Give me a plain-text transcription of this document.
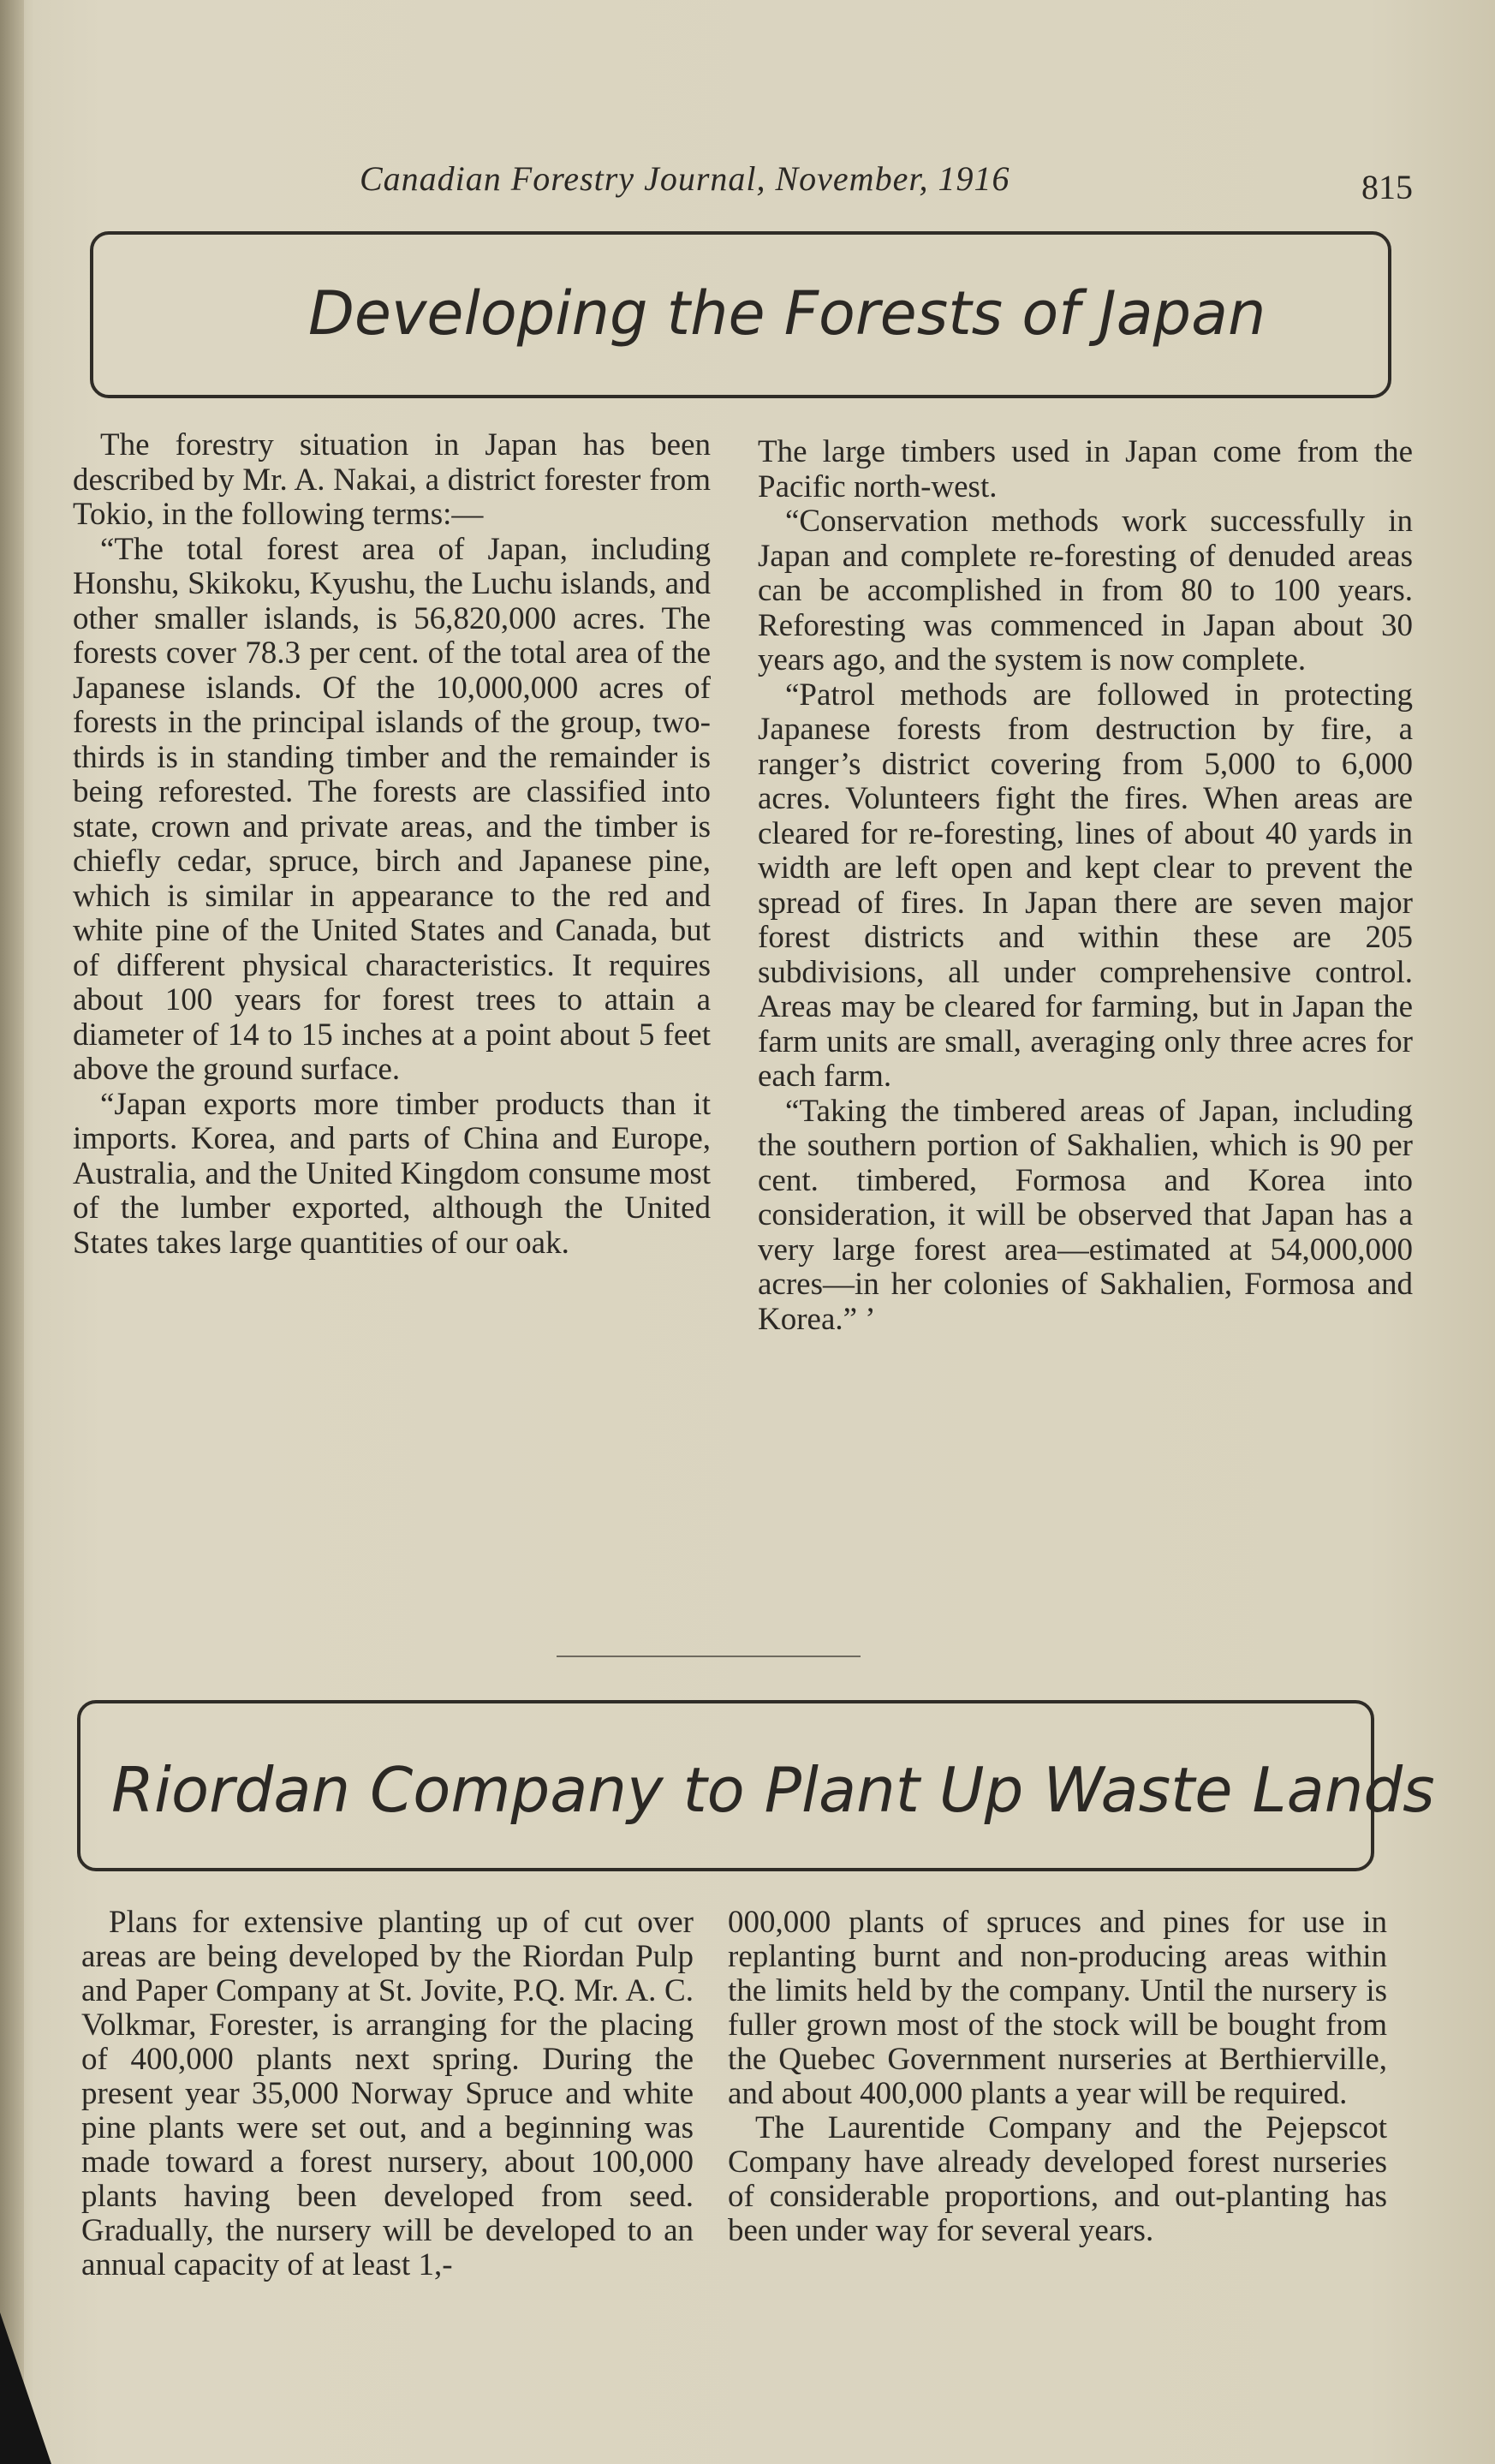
Canadian Forestry Journal, November, 1916	815
Developing the Forests of Japan

The forestry situation in Japan has been described by Mr. A. Nakai, a district forester from Tokio, in the following terms:—

“The total forest area of Japan, including Honshu, Skikoku, Kyushu, the Luchu islands, and other smaller islands, is 56,820,000 acres. The forests cover 78.3 per cent. of the total area of the Japanese islands. Of the 10,000,000 acres of forests in the principal islands of the group, two-thirds is in standing timber and the remainder is being reforested. The forests are classified into state, crown and private areas, and the timber is chiefly cedar, spruce, birch and Japanese pine, which is similar in appearance to the red and white pine of the United States and Canada, but of different physical characteristics. It requires about 100 years for forest trees to attain a diameter of 14 to 15 inches at a point about 5 feet above the ground surface.

“Japan exports more timber products than it imports. Korea, and parts of China and Europe, Australia, and the United Kingdom consume most of the lumber exported, although the United States takes large quantities of our oak.

The large timbers used in Japan come from the Pacific north-west.

“Conservation methods work successfully in Japan and complete re-foresting of denuded areas can be accomplished in from 80 to 100 years. Reforesting was commenced in Japan about 30 years ago, and the system is now complete.

“Patrol methods are followed in protecting Japanese forests from destruction by fire, a ranger’s district covering from 5,000 to 6,000 acres. Volunteers fight the fires. When areas are cleared for re-foresting, lines of about 40 yards in width are left open and kept clear to prevent the spread of fires. In Japan there are seven major forest districts and within these are 205 subdivisions, all under comprehensive control. Areas may be cleared for farming, but in Japan the farm units are small, averaging only three acres for each farm.

“Taking the timbered areas of Japan, including the southern portion of Sakhalien, which is 90 per cent. timbered, Formosa and Korea into consideration, it will be observed that Japan has a very large forest area—estimated at 54,000,000 acres—in her colonies of Sakhalien, Formosa and Korea.” ’

Riordan Company to Plant Up Waste Lands

Plans for extensive planting up of cut over areas are being developed by the Riordan Pulp and Paper Company at St. Jovite, P.Q. Mr. A. C. Volkmar, Forester, is arranging for the placing of 400,000 plants next spring. During the present year 35,000 Norway Spruce and white pine plants were set out, and a beginning was made toward a forest nursery, about 100,000 plants having been developed from seed. Gradually, the nursery will be developed to an annual capacity of at least 1,-

000,000 plants of spruces and pines for use in replanting burnt and non-producing areas within the limits held by the company. Until the nursery is fuller grown most of the stock will be bought from the Quebec Government nurseries at Berthierville, and about 400,000 plants a year will be required.

The Laurentide Company and the Pejepscot Company have already developed forest nurseries of considerable proportions, and out-planting has been under way for several years.
